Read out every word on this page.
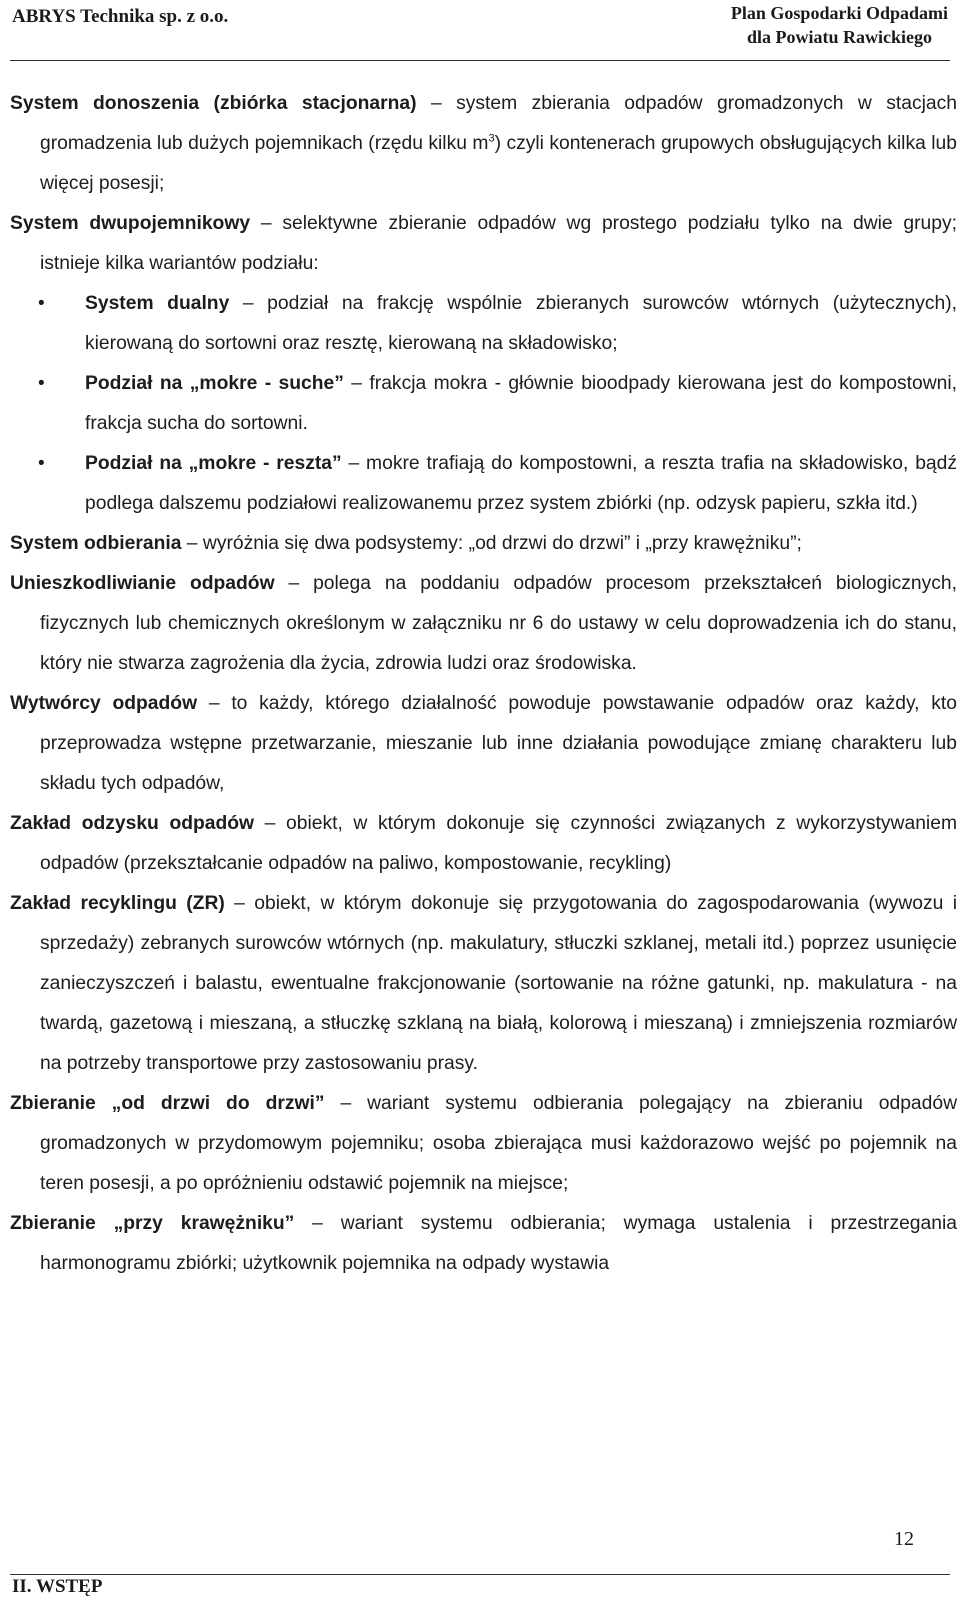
ABRYS Technika sp. z o.o.	Plan Gospodarki Odpadami
dla Powiatu Rawickiego

System donoszenia (zbiórka stacjonarna) – system zbierania odpadów gromadzonych w stacjach gromadzenia lub dużych pojemnikach (rzędu kilku $m^3$) czyli kontenerach grupowych obsługujących kilka lub więcej posesji;

System dwupojemnikowy – selektywne zbieranie odpadów wg prostego podziału tylko na dwie grupy; istnieje kilka wariantów podziału:

• System dualny – podział na frakcję wspólnie zbieranych surowców wtórnych (użytecznych), kierowaną do sortowni oraz resztę, kierowaną na składowisko;
• Podział na „mokre - suche” – frakcja mokra - głównie bioodpady kierowana jest do kompostowni, frakcja sucha do sortowni.
• Podział na „mokre - reszta” – mokre trafiają do kompostowni, a reszta trafia na składowisko, bądź podlega dalszemu podziałowi realizowanemu przez system zbiórki (np. odzysk papieru, szkła itd.)

System odbierania – wyróżnia się dwa podsystemy: „od drzwi do drzwi” i „przy krawężniku”;

Unieszkodliwianie odpadów – polega na poddaniu odpadów procesom przekształceń biologicznych, fizycznych lub chemicznych określonym w załączniku nr 6 do ustawy w celu doprowadzenia ich do stanu, który nie stwarza zagrożenia dla życia, zdrowia ludzi oraz środowiska.

Wytwórcy odpadów – to każdy, którego działalność powoduje powstawanie odpadów oraz każdy, kto przeprowadza wstępne przetwarzanie, mieszanie lub inne działania powodujące zmianę charakteru lub składu tych odpadów,

Zakład odzysku odpadów – obiekt, w którym dokonuje się czynności związanych z wykorzystywaniem odpadów (przekształcanie odpadów na paliwo, kompostowanie, recykling)

Zakład recyklingu (ZR) – obiekt, w którym dokonuje się przygotowania do zagospodarowania (wywozu i sprzedaży) zebranych surowców wtórnych (np. makulatury, stłuczki szklanej, metali itd.) poprzez usunięcie zanieczyszczeń i balastu, ewentualne frakcjonowanie (sortowanie na różne gatunki, np. makulatura - na twardą, gazetową i mieszaną, a stłuczkę szklaną na białą, kolorową i mieszaną) i zmniejszenia rozmiarów na potrzeby transportowe przy zastosowaniu prasy.

Zbieranie „od drzwi do drzwi” – wariant systemu odbierania polegający na zbieraniu odpadów gromadzonych w przydomowym pojemniku; osoba zbierająca musi każdorazowo wejść po pojemnik na teren posesji, a po opróżnieniu odstawić pojemnik na miejsce;

Zbieranie „przy krawężniku” – wariant systemu odbierania; wymaga ustalenia i przestrzegania harmonogramu zbiórki; użytkownik pojemnika na odpady wystawia

12
II. WSTĘP
